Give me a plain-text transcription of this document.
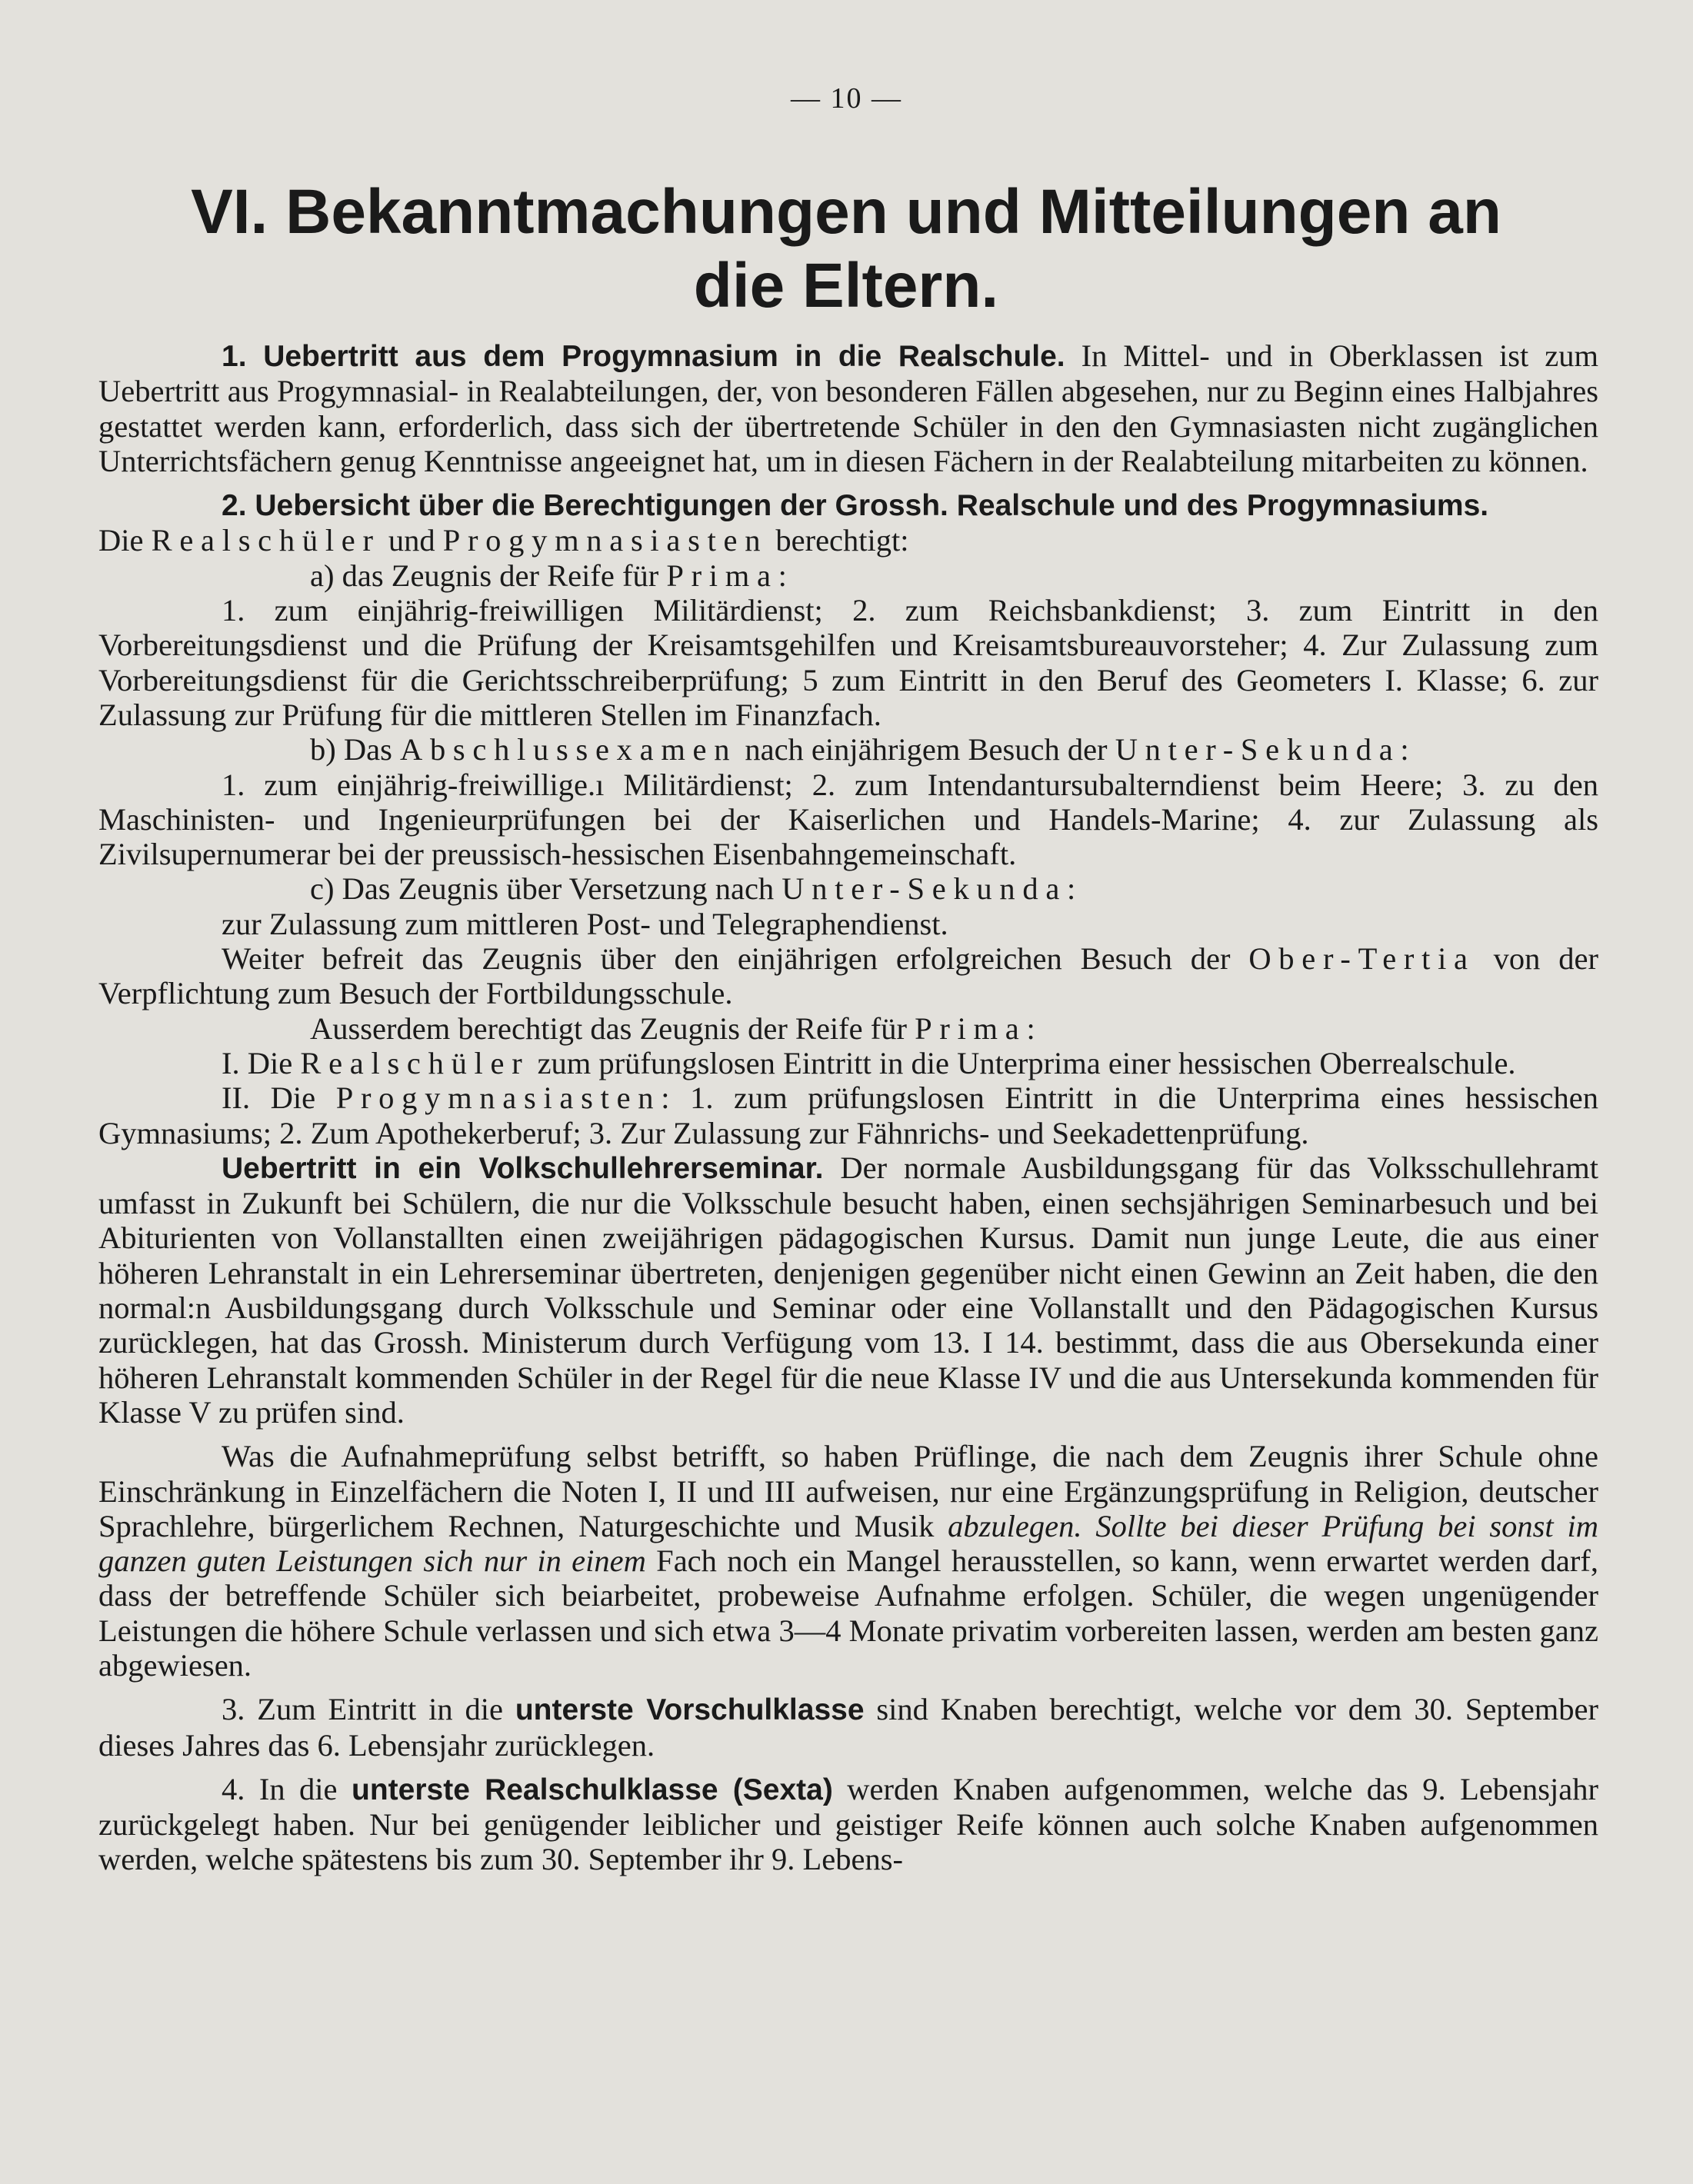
— 10 —
VI. Bekanntmachungen und Mitteilungen an
die Eltern.

1. Uebertritt aus dem Progymnasium in die Realschule. In Mittel- und in Oberklassen ist zum Uebertritt aus Progymnasial- in Realabteilungen, der, von besonderen Fällen abgesehen, nur zu Beginn eines Halbjahres gestattet werden kann, erforderlich, dass sich der übertretende Schüler in den den Gymnasiasten nicht zugänglichen Unterrichtsfächern genug Kenntnisse angeeignet hat, um in diesen Fächern in der Realabteilung mitarbeiten zu können.

2. Uebersicht über die Berechtigungen der Grossh. Realschule und des Progymnasiums.

Die Realschüler und Progymnasiasten berechtigt:

a) das Zeugnis der Reife für Prima:

1. zum einjährig-freiwilligen Militärdienst; 2. zum Reichsbankdienst; 3. zum Eintritt in den Vorbereitungsdienst und die Prüfung der Kreisamtsgehilfen und Kreisamtsbureauvorsteher; 4. Zur Zulassung zum Vorbereitungsdienst für die Gerichtsschreiberprüfung; 5 zum Eintritt in den Beruf des Geometers I. Klasse; 6. zur Zulassung zur Prüfung für die mittleren Stellen im Finanzfach.

b) Das Abschlussexamen nach einjährigem Besuch der Unter-Sekunda:

1. zum einjährig-freiwillige.ı Militärdienst; 2. zum Intendantursubalterndienst beim Heere; 3. zu den Maschinisten- und Ingenieurprüfungen bei der Kaiserlichen und Handels-Marine; 4. zur Zulassung als Zivilsupernumerar bei der preussisch-hessischen Eisenbahngemeinschaft.

c) Das Zeugnis über Versetzung nach Unter-Sekunda:

zur Zulassung zum mittleren Post- und Telegraphendienst.

Weiter befreit das Zeugnis über den einjährigen erfolgreichen Besuch der Ober-Tertia von der Verpflichtung zum Besuch der Fortbildungsschule.

Ausserdem berechtigt das Zeugnis der Reife für Prima:

I. Die Realschüler zum prüfungslosen Eintritt in die Unterprima einer hessischen Oberrealschule.

II. Die Progymnasiasten: 1. zum prüfungslosen Eintritt in die Unterprima eines hessischen Gymnasiums; 2. Zum Apothekerberuf; 3. Zur Zulassung zur Fähnrichs- und Seekadettenprüfung.

Uebertritt in ein Volkschullehrerseminar. Der normale Ausbildungsgang für das Volksschullehramt umfasst in Zukunft bei Schülern, die nur die Volksschule besucht haben, einen sechsjährigen Seminarbesuch und bei Abiturienten von Vollanstallten einen zweijährigen pädagogischen Kursus. Damit nun junge Leute, die aus einer höheren Lehranstalt in ein Lehrerseminar übertreten, denjenigen gegenüber nicht einen Gewinn an Zeit haben, die den normal:n Ausbildungsgang durch Volksschule und Seminar oder eine Vollanstallt und den Pädagogischen Kursus zurücklegen, hat das Grossh. Ministerum durch Verfügung vom 13. I 14. bestimmt, dass die aus Obersekunda einer höheren Lehranstalt kommenden Schüler in der Regel für die neue Klasse IV und die aus Untersekunda kommenden für Klasse V zu prüfen sind.

Was die Aufnahmeprüfung selbst betrifft, so haben Prüflinge, die nach dem Zeugnis ihrer Schule ohne Einschränkung in Einzelfächern die Noten I, II und III aufweisen, nur eine Ergänzungsprüfung in Religion, deutscher Sprachlehre, bürgerlichem Rechnen, Naturgeschichte und Musik abzulegen. Sollte bei dieser Prüfung bei sonst im ganzen guten Leistungen sich nur in einem Fach noch ein Mangel herausstellen, so kann, wenn erwartet werden darf, dass der betreffende Schüler sich beiarbeitet, probeweise Aufnahme erfolgen. Schüler, die wegen ungenügender Leistungen die höhere Schule verlassen und sich etwa 3—4 Monate privatim vorbereiten lassen, werden am besten ganz abgewiesen.

3. Zum Eintritt in die unterste Vorschulklasse sind Knaben berechtigt, welche vor dem 30. September dieses Jahres das 6. Lebensjahr zurücklegen.

4. In die unterste Realschulklasse (Sexta) werden Knaben aufgenommen, welche das 9. Lebensjahr zurückgelegt haben. Nur bei genügender leiblicher und geistiger Reife können auch solche Knaben aufgenommen werden, welche spätestens bis zum 30. September ihr 9. Lebens-
